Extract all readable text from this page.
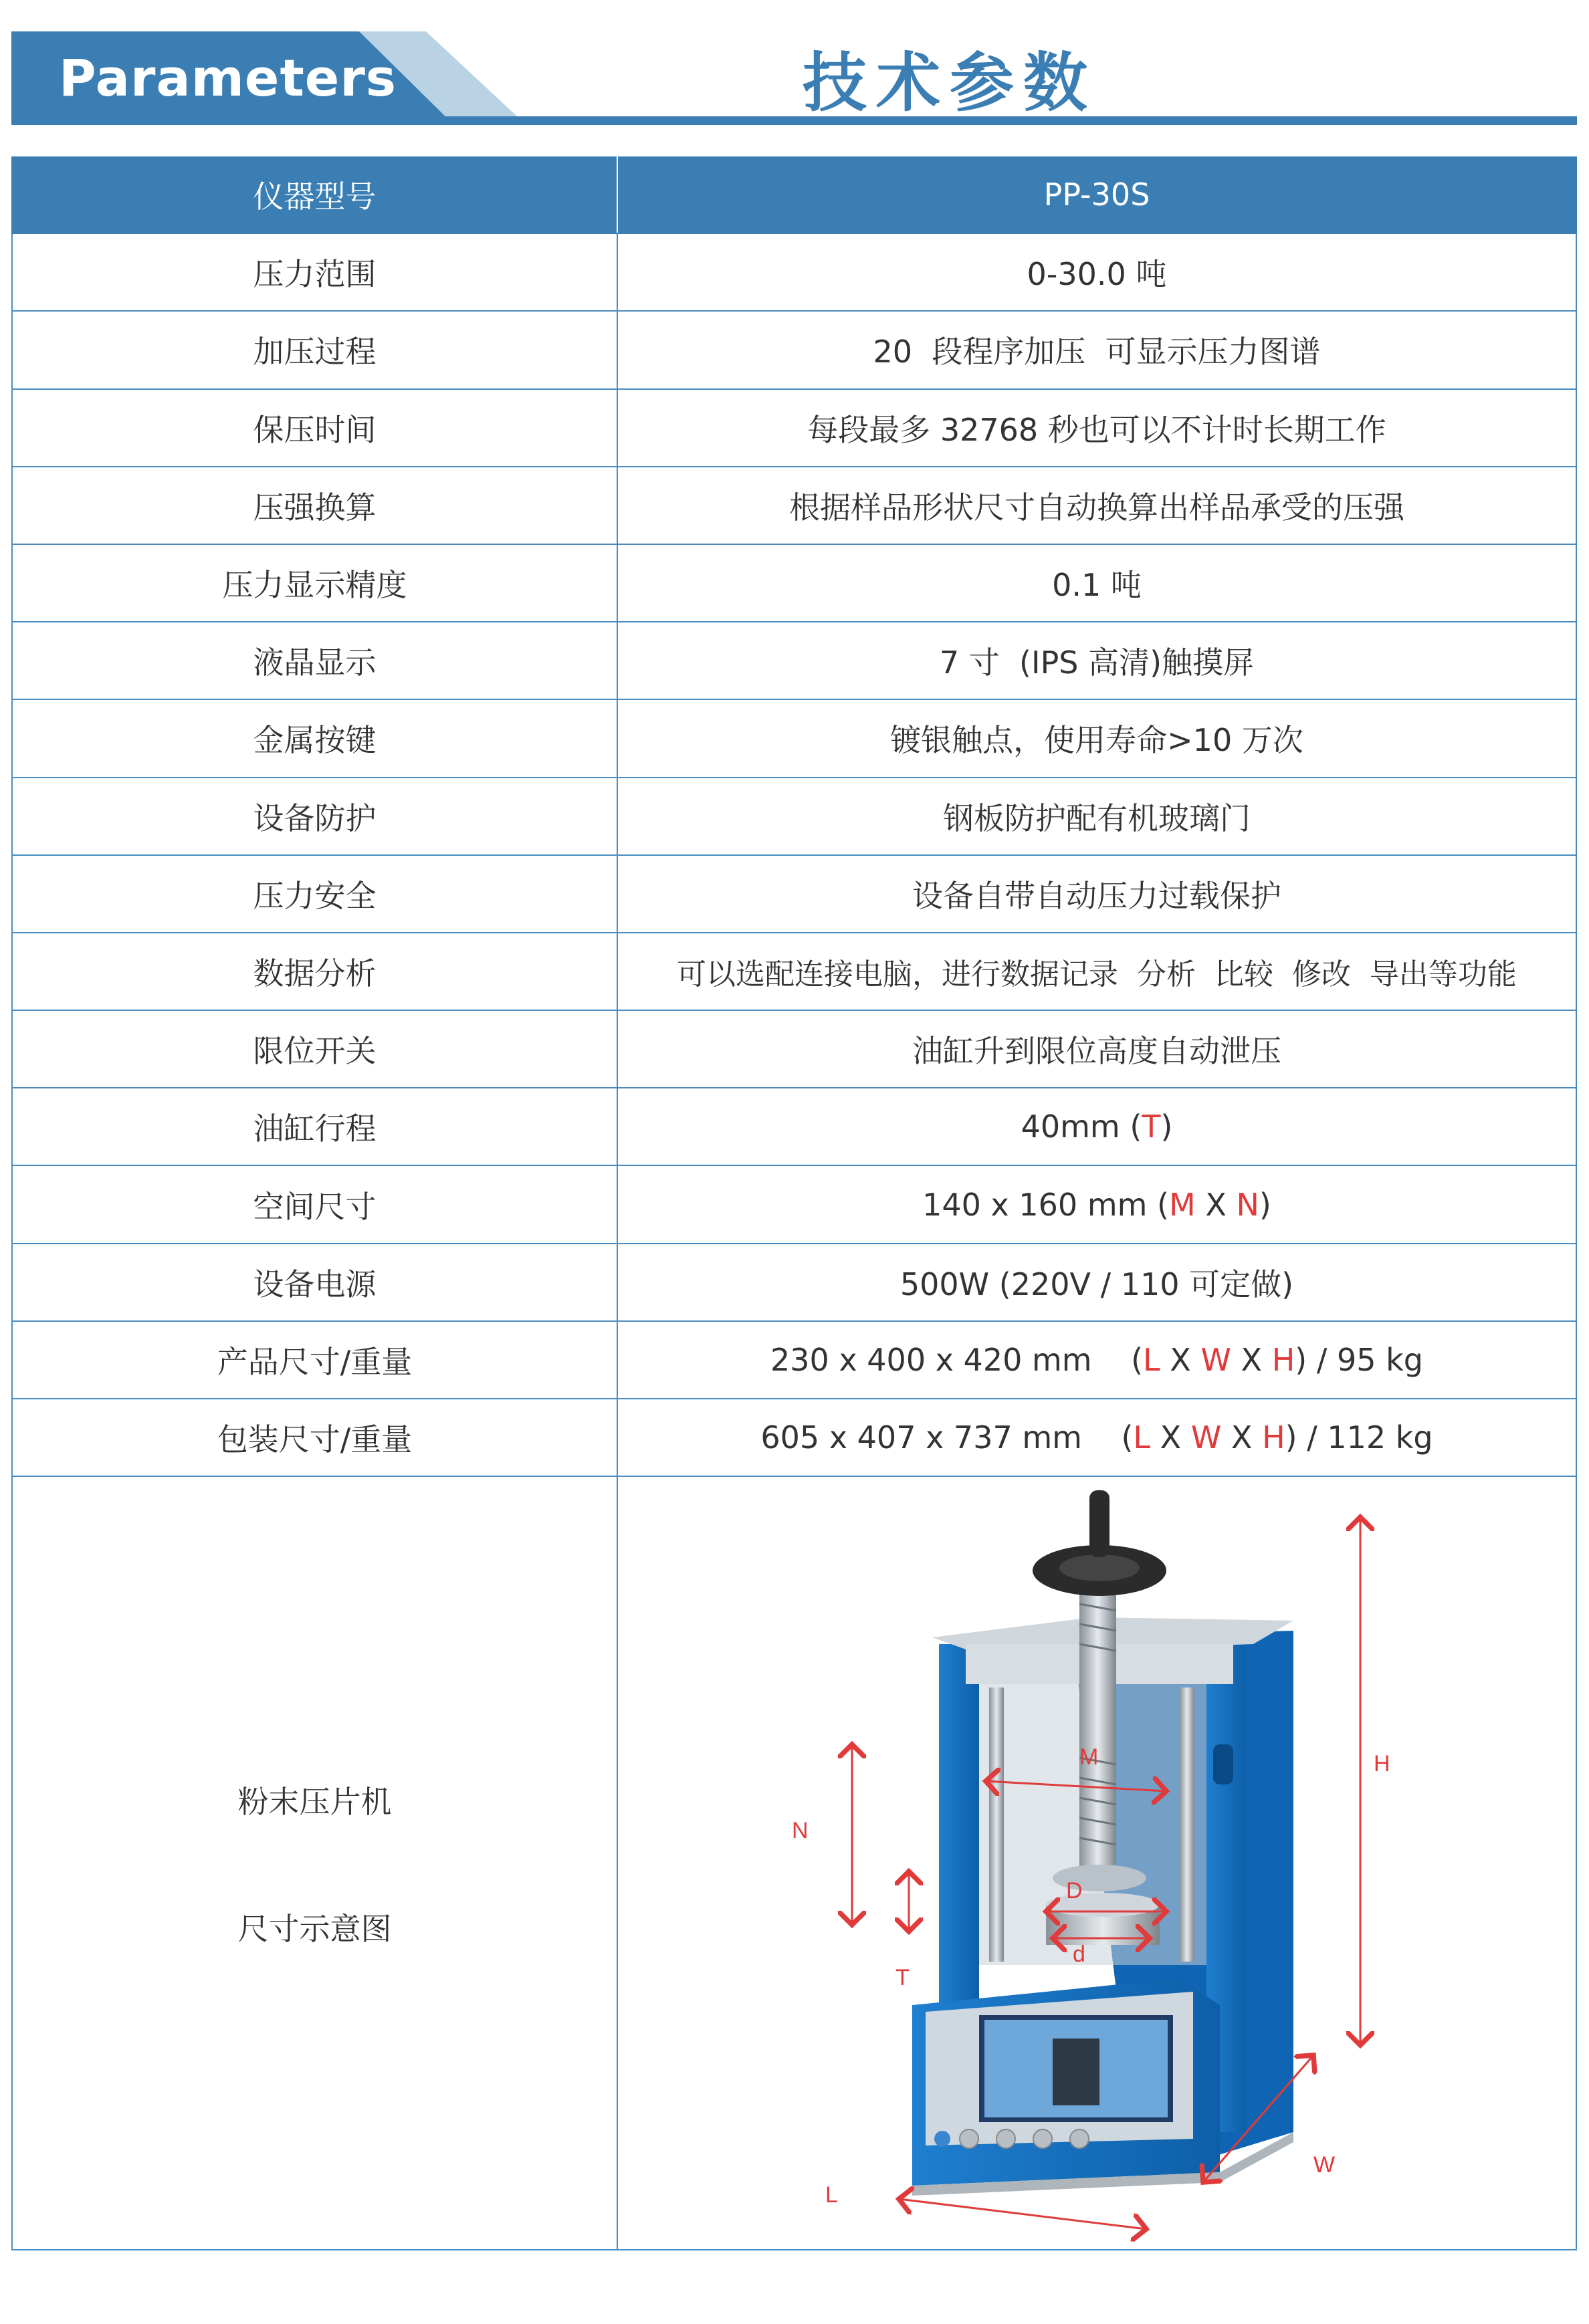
Parameters	技术参数
仪器型号	PP-30S
压力范围	0-30.0 吨
加压过程	20  段程序加压  可显示压力图谱
保压时间	每段最多 32768 秒也可以不计时长期工作
压强换算	根据样品形状尺寸自动换算出样品承受的压强
压力显示精度	0.1 吨
液晶显示	7 寸  (IPS 高清)触摸屏
金属按键	镀银触点，使用寿命>10 万次
设备防护	钢板防护配有机玻璃门
压力安全	设备自带自动压力过载保护
数据分析	可以选配连接电脑，进行数据记录  分析  比较  修改  导出等功能
限位开关	油缸升到限位高度自动泄压
油缸行程	40mm ( T )
空间尺寸	140 x 160 mm ( M X N )
设备电源	500W (220V / 110 可定做)
产品尺寸/重量	230 x 400 x 420 mm    ( L X W X H ) / 95 kg
包装尺寸/重量	605 x 407 x 737 mm    ( L X W X H ) / 112 kg
粉末压片机
尺寸示意图
M
N
H
T
D
d
L
W
